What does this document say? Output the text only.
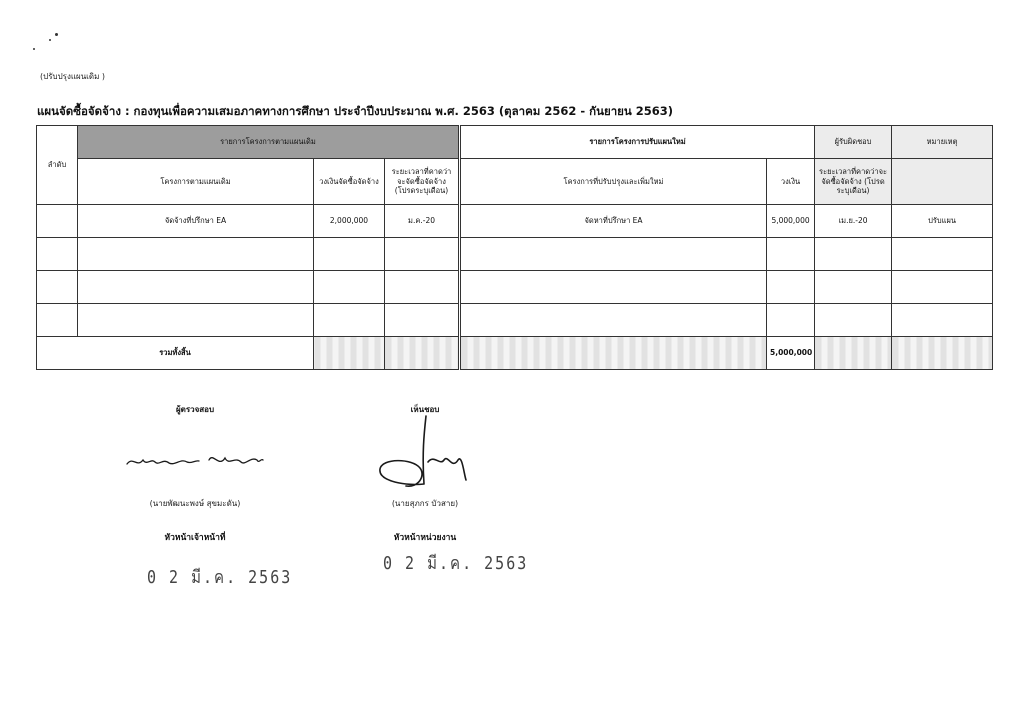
(ปรับปรุงแผนเดิม )
แผนจัดซื้อจัดจ้าง : กองทุนเพื่อความเสมอภาคทางการศึกษา ประจำปีงบประมาณ พ.ศ. 2563 (ตุลาคม 2562 - กันยายน 2563)
ลำดับ	รายการโครงการตามแผนเดิม			รายการโครงการปรับแผนใหม่		ผู้รับผิดชอบ	หมายเหตุ
	โครงการตามแผนเดิม	วงเงินจัดซื้อจัดจ้าง	ระยะเวลาที่คาดว่าจะจัดซื้อจัดจ้าง (โปรดระบุเดือน)	โครงการที่ปรับปรุงและเพิ่มใหม่	วงเงิน	ระยะเวลาที่คาดว่าจะจัดซื้อจัดจ้าง (โปรดระบุเดือน)	
	จัดจ้างที่ปรึกษา EA	2,000,000	ม.ค.-20	จัดหาที่ปรึกษา EA	5,000,000	เม.ย.-20	ปรับแผน

รวมทั้งสิ้น					5,000,000		
ผู้ตรวจสอบ
(นายพัฒนะพงษ์ สุขมะดัน)
หัวหน้าเจ้าหน้าที่
0 2 มี.ค. 2563
เห็นชอบ
(นายสุภกร บัวสาย)
หัวหน้าหน่วยงาน
0 2 มี.ค. 2563
